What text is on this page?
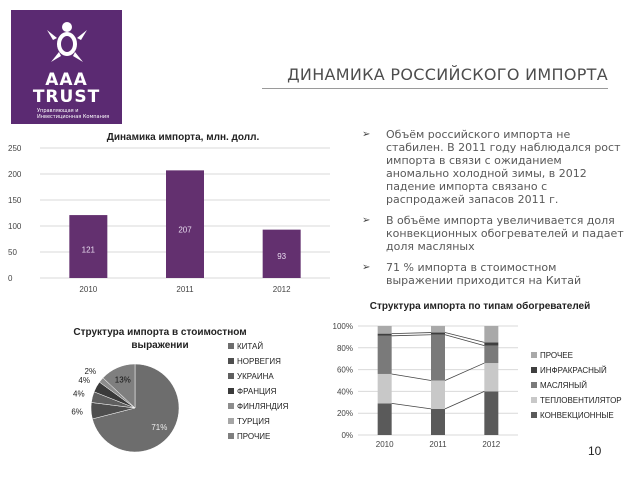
AAA
TRUST
Управляющая и Инвестиционная Компания
ДИНАМИКА РОССИЙСКОГО ИМПОРТА
Динамика импорта, млн. долл.
0
50
100
150
200
250
121
2010
207
2011
93
2012
➢ Объём российского импорта не стабилен. В 2011 году наблюдался рост импорта в связи с ожиданием аномально холодной зимы, в 2012 падение импорта связано с распродажей запасов 2011 г.
➢ В объёме импорта увеличивается доля конвекционных обогревателей и падает доля масляных
➢ 71 % импорта в стоимостном выражении приходится на Китай
Структура импорта в стоимостном
выражении
71%
6%
4%
4%
2%
13%
КИТАЙ
НОРВЕГИЯ
УКРАИНА
ФРАНЦИЯ
ФИНЛЯНДИЯ
ТУРЦИЯ
ПРОЧИЕ
Структура импорта по типам обогревателей
0%
20%
40%
60%
80%
100%
2010	2011	2012
ПРОЧЕЕ
ИНФРАКРАСНЫЙ
МАСЛЯНЫЙ
ТЕПЛОВЕНТИЛЯТОР
КОНВЕКЦИОННЫЕ
10
